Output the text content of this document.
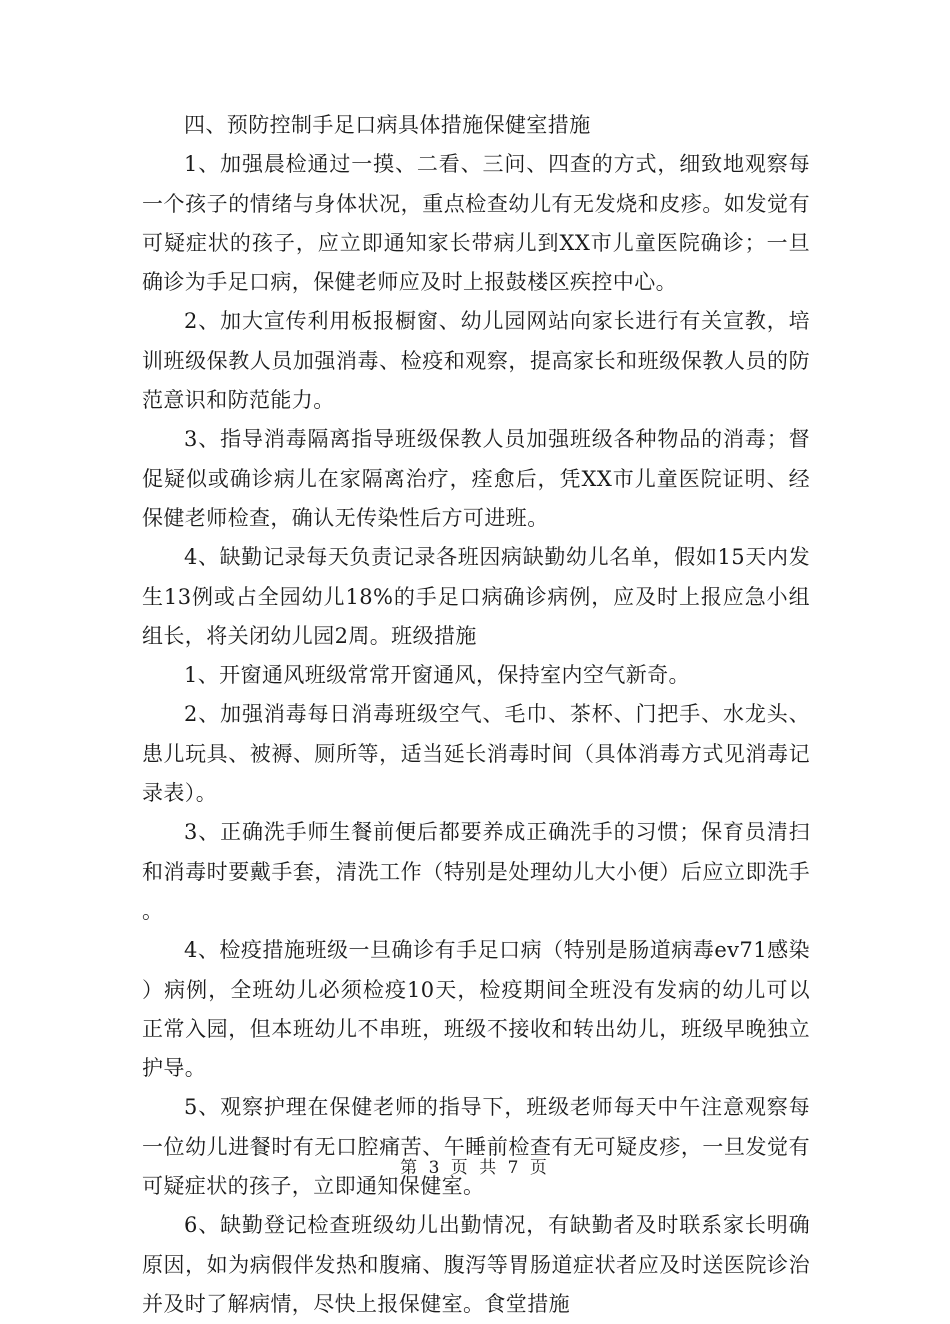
四、预防控制手足口病具体措施保健室措施

1、加强晨检通过一摸、二看、三问、四查的方式，细致地观察每一个孩子的情绪与身体状况，重点检查幼儿有无发烧和皮疹。如发觉有可疑症状的孩子，应立即通知家长带病儿到XX市儿童医院确诊；一旦确诊为手足口病，保健老师应及时上报鼓楼区疾控中心。

2、加大宣传利用板报橱窗、幼儿园网站向家长进行有关宣教，培训班级保教人员加强消毒、检疫和观察，提高家长和班级保教人员的防范意识和防范能力。

3、指导消毒隔离指导班级保教人员加强班级各种物品的消毒；督促疑似或确诊病儿在家隔离治疗，痊愈后，凭XX市儿童医院证明、经保健老师检查，确认无传染性后方可进班。

4、缺勤记录每天负责记录各班因病缺勤幼儿名单，假如15天内发生13例或占全园幼儿18%的手足口病确诊病例，应及时上报应急小组组长，将关闭幼儿园2周。班级措施

1、开窗通风班级常常开窗通风，保持室内空气新奇。

2、加强消毒每日消毒班级空气、毛巾、茶杯、门把手、水龙头、患儿玩具、被褥、厕所等，适当延长消毒时间（具体消毒方式见消毒记录表）。

3、正确洗手师生餐前便后都要养成正确洗手的习惯；保育员清扫和消毒时要戴手套，清洗工作（特别是处理幼儿大小便）后应立即洗手。

4、检疫措施班级一旦确诊有手足口病（特别是肠道病毒ev71感染）病例，全班幼儿必须检疫10天，检疫期间全班没有发病的幼儿可以正常入园，但本班幼儿不串班，班级不接收和转出幼儿，班级早晚独立护导。

5、观察护理在保健老师的指导下，班级老师每天中午注意观察每一位幼儿进餐时有无口腔痛苦、午睡前检查有无可疑皮疹，一旦发觉有可疑症状的孩子，立即通知保健室。

6、缺勤登记检查班级幼儿出勤情况，有缺勤者及时联系家长明确原因，如为病假伴发热和腹痛、腹泻等胃肠道症状者应及时送医院诊治并及时了解病情，尽快上报保健室。食堂措施

第 3 页 共 7 页
